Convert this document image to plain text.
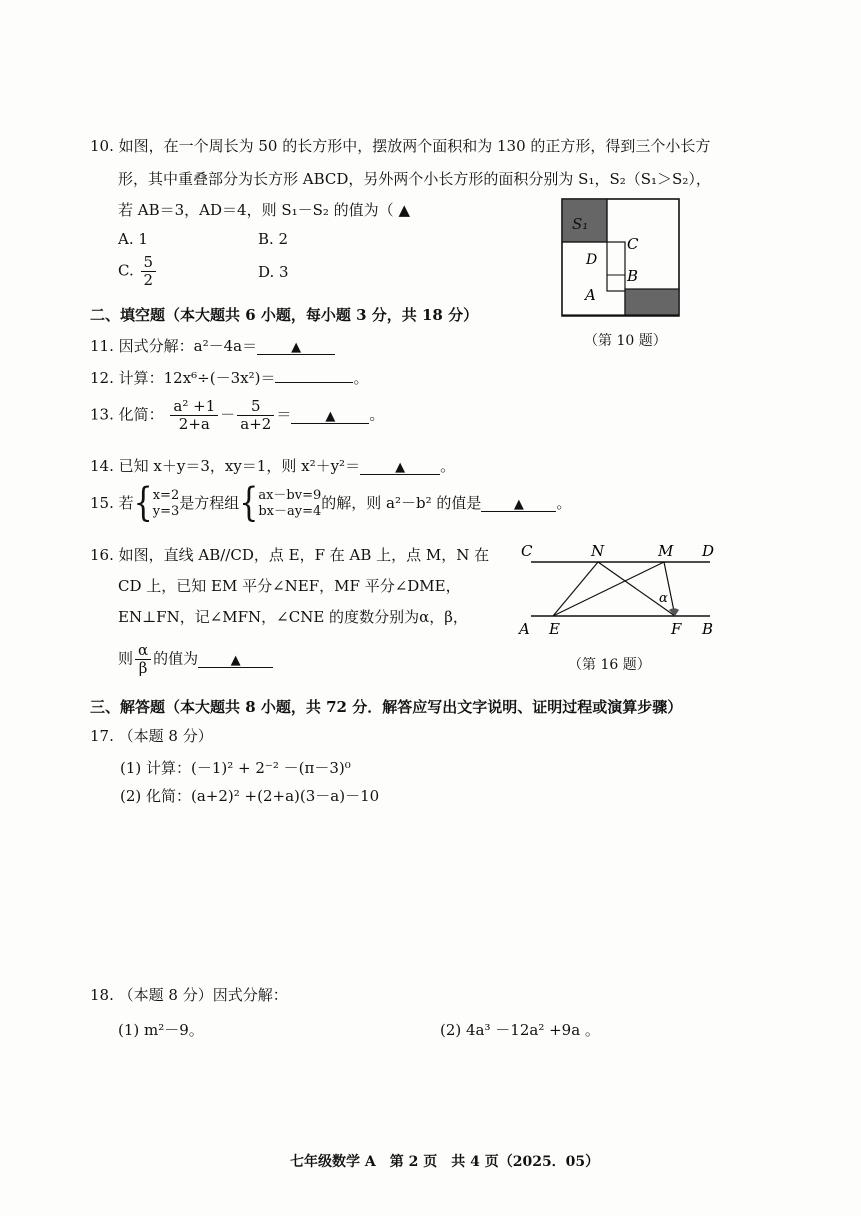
10. 如图，在一个周长为 50 的长方形中，摆放两个面积和为 130 的正方形，得到三个小长方
形，其中重叠部分为长方形 ABCD，另外两个小长方形的面积分别为 S₁，S₂（S₁＞S₂），
若 AB＝3，AD＝4，则 S₁－S₂ 的值为（ ▲
A. 1	B. 2
C. $\frac{5}{2}$	D. 3
S₁
C
D
B
A
（第 10 题）
二、填空题（本大题共 6 小题，每小题 3 分，共 18 分）
11. 因式分解：a²－4a＝	▲
12. 计算：12x⁶÷(－3x²)＝	。
13. 化简： $\frac{\text{a² +1}}{2+a} - \frac{5}{a+2}$ ＝	▲ 。
14. 已知 x＋y＝3，xy＝1，则 x²＋y²＝	▲ 。
15. 若{ x=2
y=3 是方程组{ ax－bv=9
bx－ay=4 的解，则 a²－b² 的值是	▲ 。
16. 如图，直线 AB//CD，点 E，F 在 AB 上，点 M，N 在
CD 上，已知 EM 平分∠NEF，MF 平分∠DME，
EN⊥FN，记∠MFN，∠CNE 的度数分别为α，β，
则 $\frac{\alpha}{\beta}$ 的值为	▲
C	N	M D
A E	F B
α
（第 16 题）
三、解答题（本大题共 8 小题，共 72 分．解答应写出文字说明、证明过程或演算步骤）
17. （本题 8 分）
(1) 计算：(－1)² + 2⁻² －(π－3)⁰
(2) 化简：(a+2)² +(2+a)(3－a)－10
18. （本题 8 分）因式分解：
(1) m²－9。	(2) 4a³ －12a² +9a 。
七年级数学 A　第 2 页　共 4 页（2025．05）
